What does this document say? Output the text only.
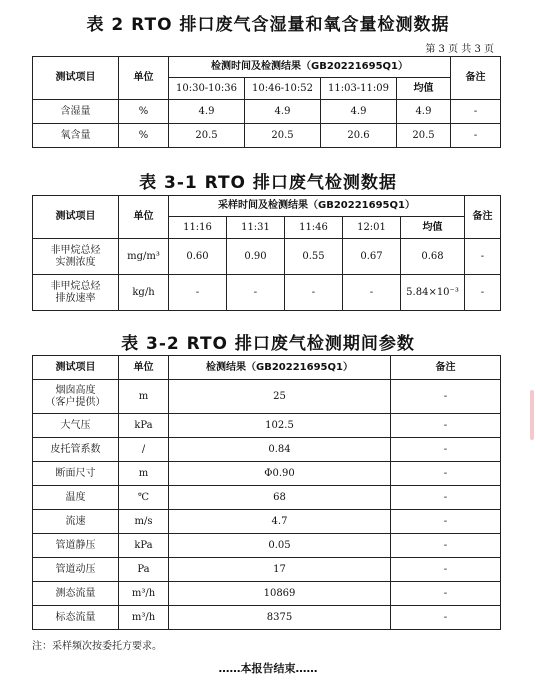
表 2 RTO 排口废气含湿量和氧含量检测数据
第 3 页 共 3 页
测试项目	单位	检测时间及检测结果（GB20221695Q1）				备注
		10:30-10:36	10:46-10:52	11:03-11:09	均值	
含湿量	%	4.9	4.9	4.9	4.9	-
氧含量	%	20.5	20.5	20.6	20.5	-
表 3-1 RTO 排口废气检测数据
测试项目	单位	采样时间及检测结果（GB20221695Q1）					备注
		11:16	11:31	11:46	12:01	均值	

非甲烷总烃
实测浓度	mg/m³	0.60	0.90	0.55	0.67	0.68	-

非甲烷总烃
排放速率	kg/h	-	-	-	-	5.84×10⁻³	-
表 3-2 RTO 排口废气检测期间参数
测试项目	单位	检测结果（GB20221695Q1）	备注

烟囱高度
（客户提供）	m	25	-
大气压	kPa	102.5	-
皮托管系数	/	0.84	-
断面尺寸	m	Φ0.90	-
温度	℃	68	-
流速	m/s	4.7	-
管道静压	kPa	0.05	-
管道动压	Pa	17	-
测态流量	m³/h	10869	-
标态流量	m³/h	8375	-
注：采样频次按委托方要求。
……本报告结束……
